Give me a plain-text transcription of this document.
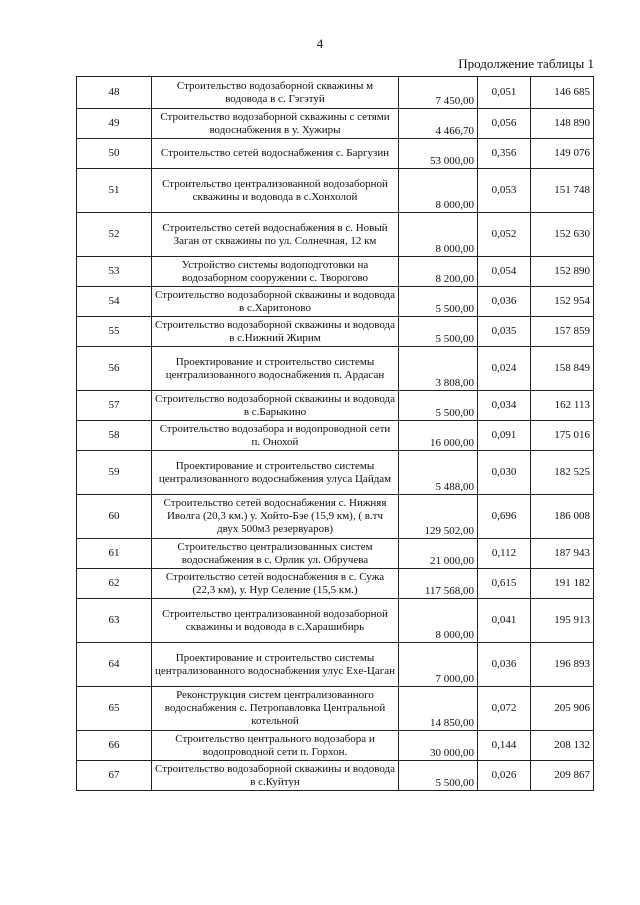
4
Продолжение таблицы 1
48	Строительство водозаборной скважины м водовода в с. Гэгэтуй	7 450,00	0,051	146 685
49	Строительство водозаборной скважины с сетями водоснабжения в у. Хужиры	4 466,70	0,056	148 890
50	Строительство сетей водоснабжения с. Баргузин	53 000,00	0,356	149 076
51	Строительство централизованной водозаборной скважины и водовода в с.Хонхолой	8 000,00	0,053	151 748
52	Строительство сетей водоснабжения в с. Новый Заган от скважины по ул. Солнечная, 12 км	8 000,00	0,052	152 630
53	Устройство системы водоподготовки на водозаборном сооружении с. Творогово	8 200,00	0,054	152 890
54	Строительство водозаборной скважины и водовода в с.Харитоново	5 500,00	0,036	152 954
55	Строительство водозаборной скважины и водовода в с.Нижний Жирим	5 500,00	0,035	157 859
56	Проектирование и строительство системы централизованного водоснабжения п. Ардасан	3 808,00	0,024	158 849
57	Строительство водозаборной скважины и водовода в с.Барыкино	5 500,00	0,034	162 113
58	Строительство водозабора и водопроводной сети п. Онохой	16 000,00	0,091	175 016
59	Проектирование и строительство системы централизованного водоснабжения улуса Цайдам	5 488,00	0,030	182 525
60	Строительство сетей водоснабжения с. Нижняя Иволга (20,3 км.) у. Хойто-Бэе (15,9 км), ( в.тч двух 500м3 резервуаров)	129 502,00	0,696	186 008
61	Строительство централизованных систем водоснабжения в с. Орлик ул. Обручева	21 000,00	0,112	187 943
62	Строительство сетей водоснабжения в с. Сужа (22,3 км), у. Нур Селение (15,5 км.)	117 568,00	0,615	191 182
63	Строительство централизованной водозаборной скважины и водовода в с.Харашибирь	8 000,00	0,041	195 913
64	Проектирование и строительство системы централизованного водоснабжения улус Exe-Цаган	7 000,00	0,036	196 893
65	Реконструкция систем централизованного водоснабжения с. Петропавловка Центральной котельной	14 850,00	0,072	205 906
66	Строительство центрального водозабора и водопроводной сети п. Горхон.	30 000,00	0,144	208 132
67	Строительство водозаборной скважины и водовода в с.Куйтун	5 500,00	0,026	209 867
